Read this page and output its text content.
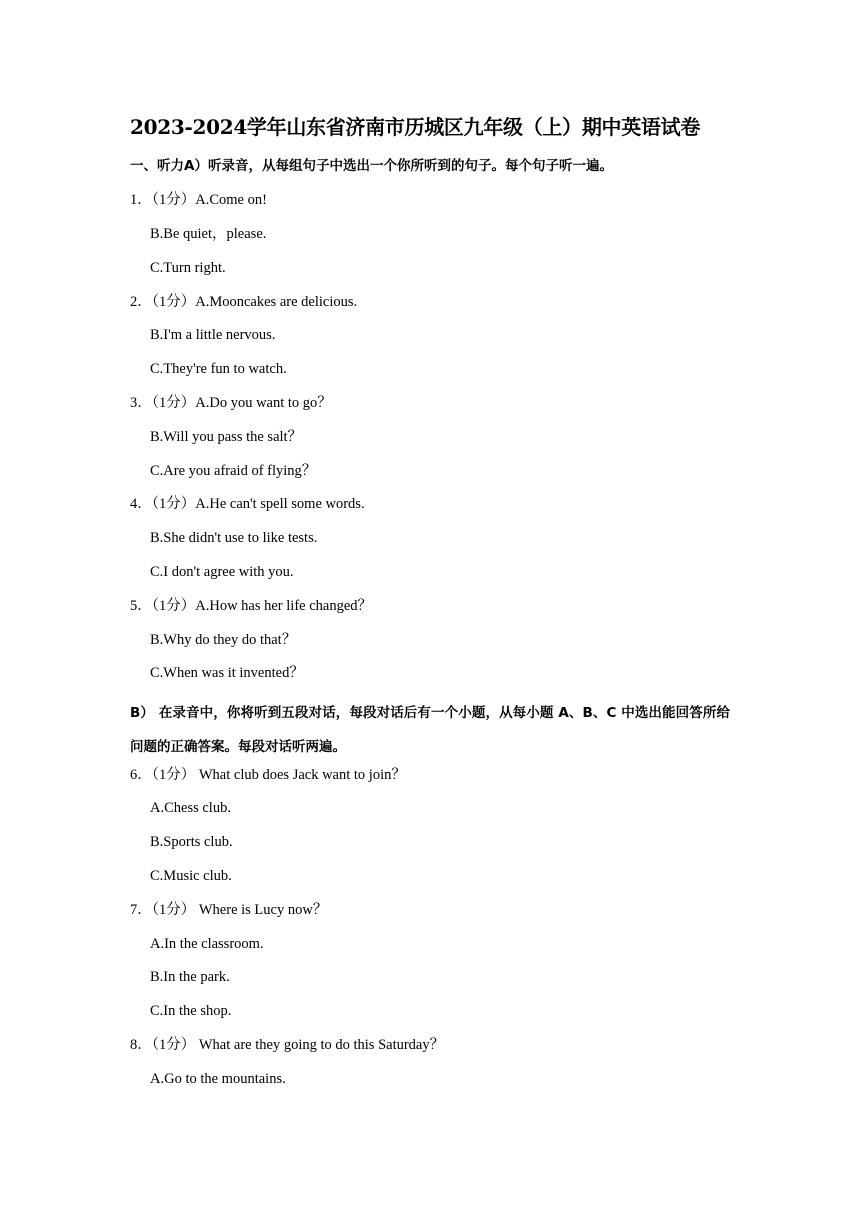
2023-2024学年山东省济南市历城区九年级（上）期中英语试卷
一、听力A）听录音，从每组句子中选出一个你所听到的句子。每个句子听一遍。
1．（1分）A.Come on!
B.Be quiet，please.
C.Turn right.
2．（1分）A.Mooncakes are delicious.
B.I'm a little nervous.
C.They're fun to watch.
3．（1分）A.Do you want to go？
B.Will you pass the salt？
C.Are you afraid of flying？
4．（1分）A.He can't spell some words.
B.She didn't use to like tests.
C.I don't agree with you.
5．（1分）A.How has her life changed？
B.Why do they do that？
C.When was it invented？
B） 在录音中，你将听到五段对话，每段对话后有一个小题，从每小题 A、B、C 中选出能回答所给问题的正确答案。每段对话听两遍。
6．（1分） What club does Jack want to join？
A.Chess club.
B.Sports club.
C.Music club.
7．（1分） Where is Lucy now？
A.In the classroom.
B.In the park.
C.In the shop.
8．（1分） What are they going to do this Saturday？
A.Go to the mountains.
